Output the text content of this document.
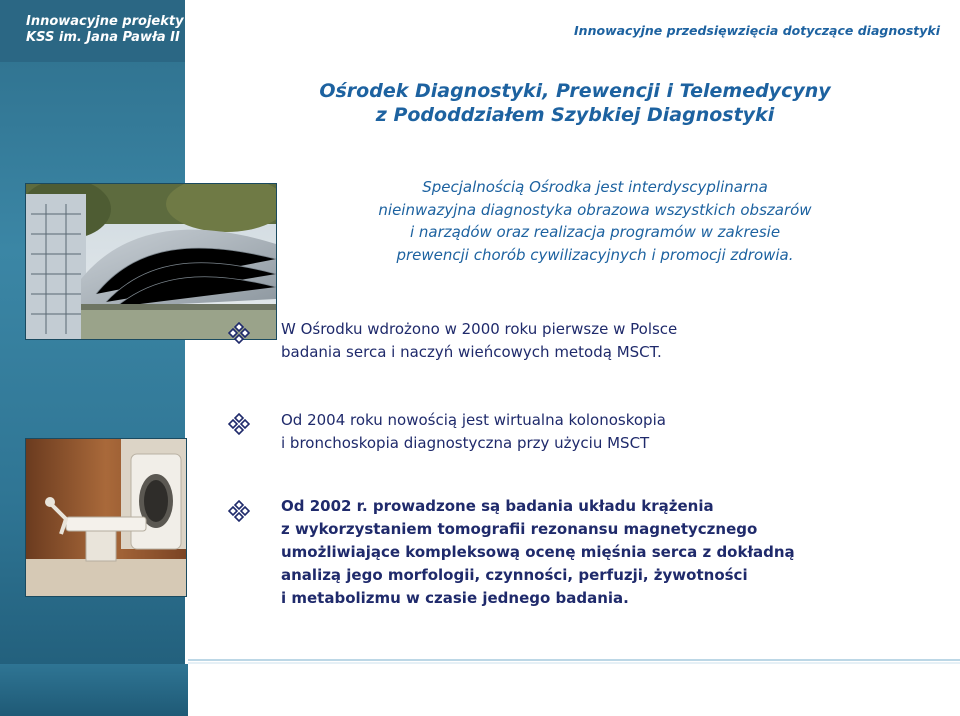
Innowacyjne projekty
KSS im. Jana Pawła II	Innowacyjne przedsięwzięcia dotyczące diagnostyki
Ośrodek Diagnostyki, Prewencji i Telemedycyny
z Pododdziałem Szybkiej Diagnostyki
Specjalnością Ośrodka jest interdyscyplinarna
nieinwazyjna diagnostyka obrazowa wszystkich obszarów
i narządów oraz realizacja programów w zakresie
prewencji chorób cywilizacyjnych i promocji zdrowia.
W Ośrodku wdrożono w 2000 roku pierwsze w Polsce
badania serca i naczyń wieńcowych metodą MSCT.
Od 2004 roku nowością jest wirtualna kolonoskopia
i bronchoskopia diagnostyczna przy użyciu MSCT
Od 2002 r. prowadzone są badania układu krążenia
z wykorzystaniem tomografii rezonansu magnetycznego
umożliwiające kompleksową ocenę mięśnia serca z dokładną
analizą jego morfologii, czynności, perfuzji, żywotności
i metabolizmu w czasie jednego badania.
